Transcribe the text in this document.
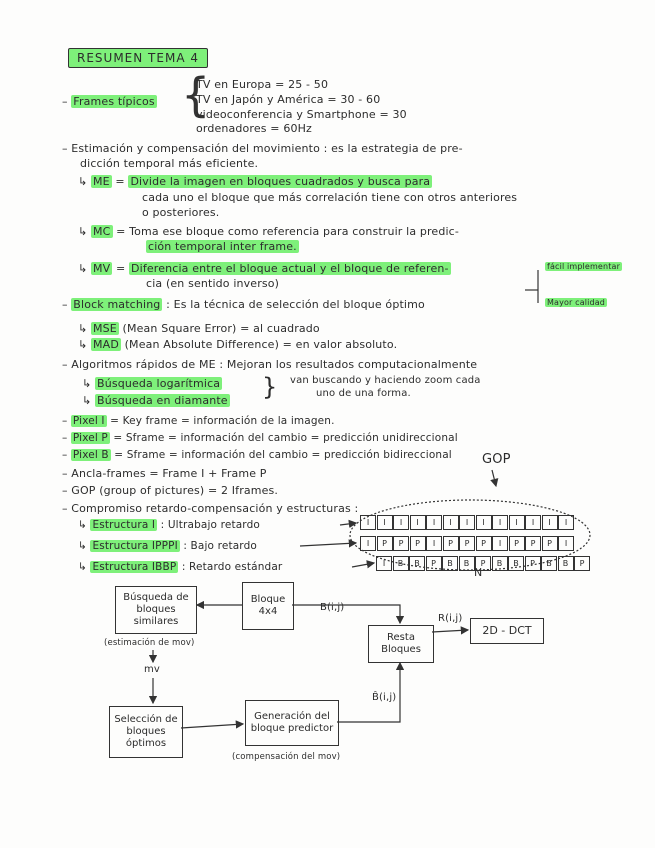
RESUMEN TEMA 4
– Frames típicos {
TV en Europa = 25 - 50
TV en Japón y América = 30 - 60
videoconferencia y Smartphone = 30
ordenadores = 60Hz
– Estimación y compensación del movimiento : es la estrategia de pre-
dicción temporal más eficiente.
↳ ME = Divide la imagen en bloques cuadrados y busca para
cada uno el bloque que más correlación tiene con otros anteriores
o posteriores.
↳ MC = Toma ese bloque como referencia para construir la predic-
ción temporal inter frame.
↳ MV = Diferencia entre el bloque actual y el bloque de referen-
cia (en sentido inverso)
– Block matching : Es la técnica de selección del bloque óptimo
fácil implementar
Mayor calidad
↳ MSE (Mean Square Error) = al cuadrado
↳ MAD (Mean Absolute Difference) = en valor absoluto.
– Algoritmos rápidos de ME : Mejoran los resultados computacionalmente
↳ Búsqueda logarítmica
↳ Búsqueda en diamante } van buscando y haciendo zoom cada
uno de una forma.
– Pixel I = Key frame = información de la imagen.
– Pixel P = Sframe = información del cambio = predicción unidireccional
– Pixel B = Sframe = información del cambio = predicción bidireccional
– Ancla-frames = Frame I + Frame P
– GOP (group of pictures) = 2 Iframes.
– Compromiso retardo-compensación y estructuras :
GOP
↳ Estructura I : Ultrabajo retardo
↳ Estructura IPPPI : Bajo retardo
↳ Estructura IBBP : Retardo estándar
I	I	I	I	I	I	I	I	I	I	I	I	I
I	P	P	P	I	P	P	P	I	P	P	P	I
I	B	B	P	B	B	P	B	B	P	B	B	P
N
Búsqueda de bloques similares
(estimación de mov)
Bloque 4x4	B(i,j)
Resta Bloques
R(i,j)
2D - DCT
mv
Selección de bloques óptimos
Generación del bloque predictor
(compensación del mov)
B̂(i,j)
